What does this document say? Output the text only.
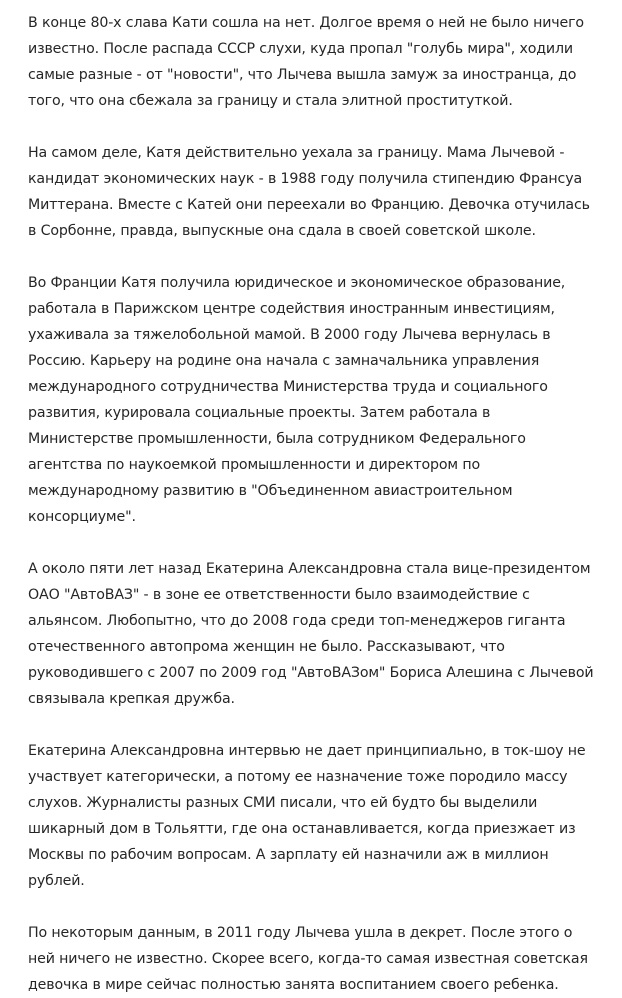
В конце 80-х слава Кати сошла на нет. Долгое время о ней не было ничего известно. После распада СССР слухи, куда пропал "голубь мира", ходили самые разные - от "новости", что Лычева вышла замуж за иностранца, до того, что она сбежала за границу и стала элитной проституткой.

На самом деле, Катя действительно уехала за границу. Мама Лычевой - кандидат экономических наук - в 1988 году получила стипендию Франсуа Миттерана. Вместе с Катей они переехали во Францию. Девочка отучилась в Сорбонне, правда, выпускные она сдала в своей советской школе.

Во Франции Катя получила юридическое и экономическое образование, работала в Парижском центре содействия иностранным инвестициям, ухаживала за тяжелобольной мамой. В 2000 году Лычева вернулась в Россию. Карьеру на родине она начала с замначальника управления международного сотрудничества Министерства труда и социального развития, курировала социальные проекты. Затем работала в Министерстве промышленности, была сотрудником Федерального агентства по наукоемкой промышленности и директором по международному развитию в "Объединенном авиастроительном консорциуме".

А около пяти лет назад Екатерина Александровна стала вице-президентом ОАО "АвтоВАЗ" - в зоне ее ответственности было взаимодействие с альянсом. Любопытно, что до 2008 года среди топ-менеджеров гиганта отечественного автопрома женщин не было. Рассказывают, что руководившего с 2007 по 2009 год "АвтоВАЗом" Бориса Алешина с Лычевой связывала крепкая дружба.

Екатерина Александровна интервью не дает принципиально, в ток-шоу не участвует категорически, а потому ее назначение тоже породило массу слухов. Журналисты разных СМИ писали, что ей будто бы выделили шикарный дом в Тольятти, где она останавливается, когда приезжает из Москвы по рабочим вопросам. А зарплату ей назначили аж в миллион рублей.

По некоторым данным, в 2011 году Лычева ушла в декрет. После этого о ней ничего не известно. Скорее всего, когда-то самая известная советская девочка в мире сейчас полностью занята воспитанием своего ребенка.
